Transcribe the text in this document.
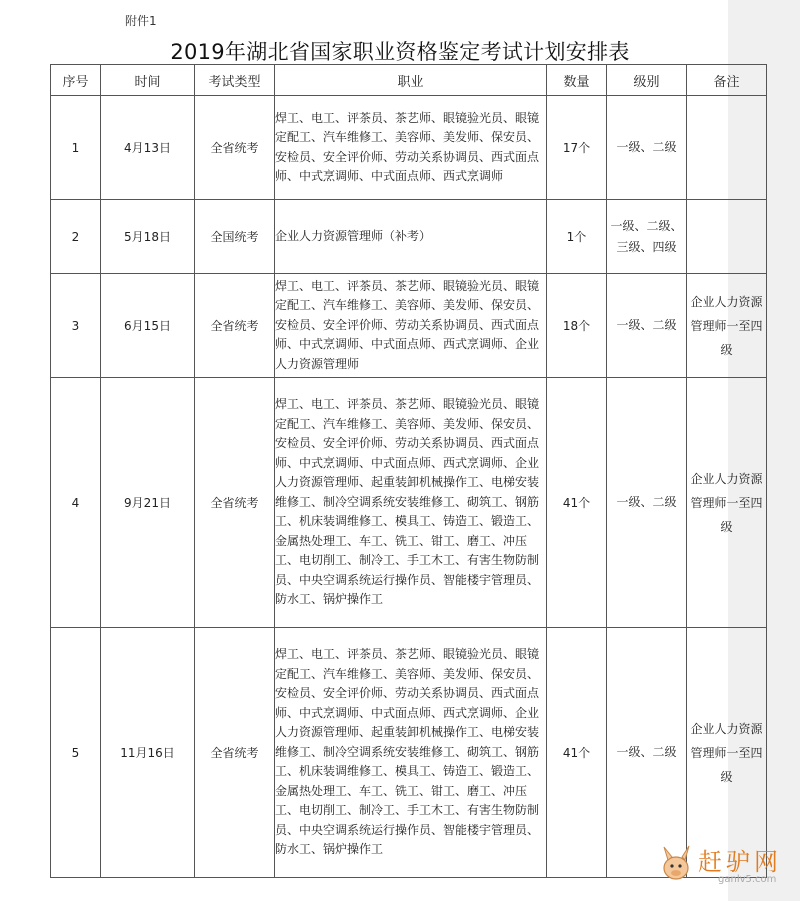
附件1
2019年湖北省国家职业资格鉴定考试计划安排表
序号	时间	考试类型	职业	数量	级别	备注
1	4月13日	全省统考	焊工、电工、评茶员、茶艺师、眼镜验光员、眼镜定配工、汽车维修工、美容师、美发师、保安员、安检员、安全评价师、劳动关系协调员、西式面点师、中式烹调师、中式面点师、西式烹调师	17个	一级、二级	
2	5月18日	全国统考	企业人力资源管理师（补考）	1个	一级、二级、三级、四级	
3	6月15日	全省统考	焊工、电工、评茶员、茶艺师、眼镜验光员、眼镜定配工、汽车维修工、美容师、美发师、保安员、安检员、安全评价师、劳动关系协调员、西式面点师、中式烹调师、中式面点师、西式烹调师、企业人力资源管理师	18个	一级、二级	企业人力资源管理师一至四级
4	9月21日	全省统考	焊工、电工、评茶员、茶艺师、眼镜验光员、眼镜定配工、汽车维修工、美容师、美发师、保安员、安检员、安全评价师、劳动关系协调员、西式面点师、中式烹调师、中式面点师、西式烹调师、企业人力资源管理师、起重装卸机械操作工、电梯安装维修工、制冷空调系统安装维修工、砌筑工、钢筋工、机床装调维修工、模具工、铸造工、锻造工、金属热处理工、车工、铣工、钳工、磨工、冲压工、电切削工、制冷工、手工木工、有害生物防制员、中央空调系统运行操作员、智能楼宇管理员、防水工、锅炉操作工	41个	一级、二级	企业人力资源管理师一至四级
5	11月16日	全省统考	焊工、电工、评茶员、茶艺师、眼镜验光员、眼镜定配工、汽车维修工、美容师、美发师、保安员、安检员、安全评价师、劳动关系协调员、西式面点师、中式烹调师、中式面点师、西式烹调师、企业人力资源管理师、起重装卸机械操作工、电梯安装维修工、制冷空调系统安装维修工、砌筑工、钢筋工、机床装调维修工、模具工、铸造工、锻造工、金属热处理工、车工、铣工、钳工、磨工、冲压工、电切削工、制冷工、手工木工、有害生物防制员、中央空调系统运行操作员、智能楼宇管理员、防水工、锅炉操作工	41个	一级、二级	企业人力资源管理师一至四级
赶驴网
ganlv5.com
